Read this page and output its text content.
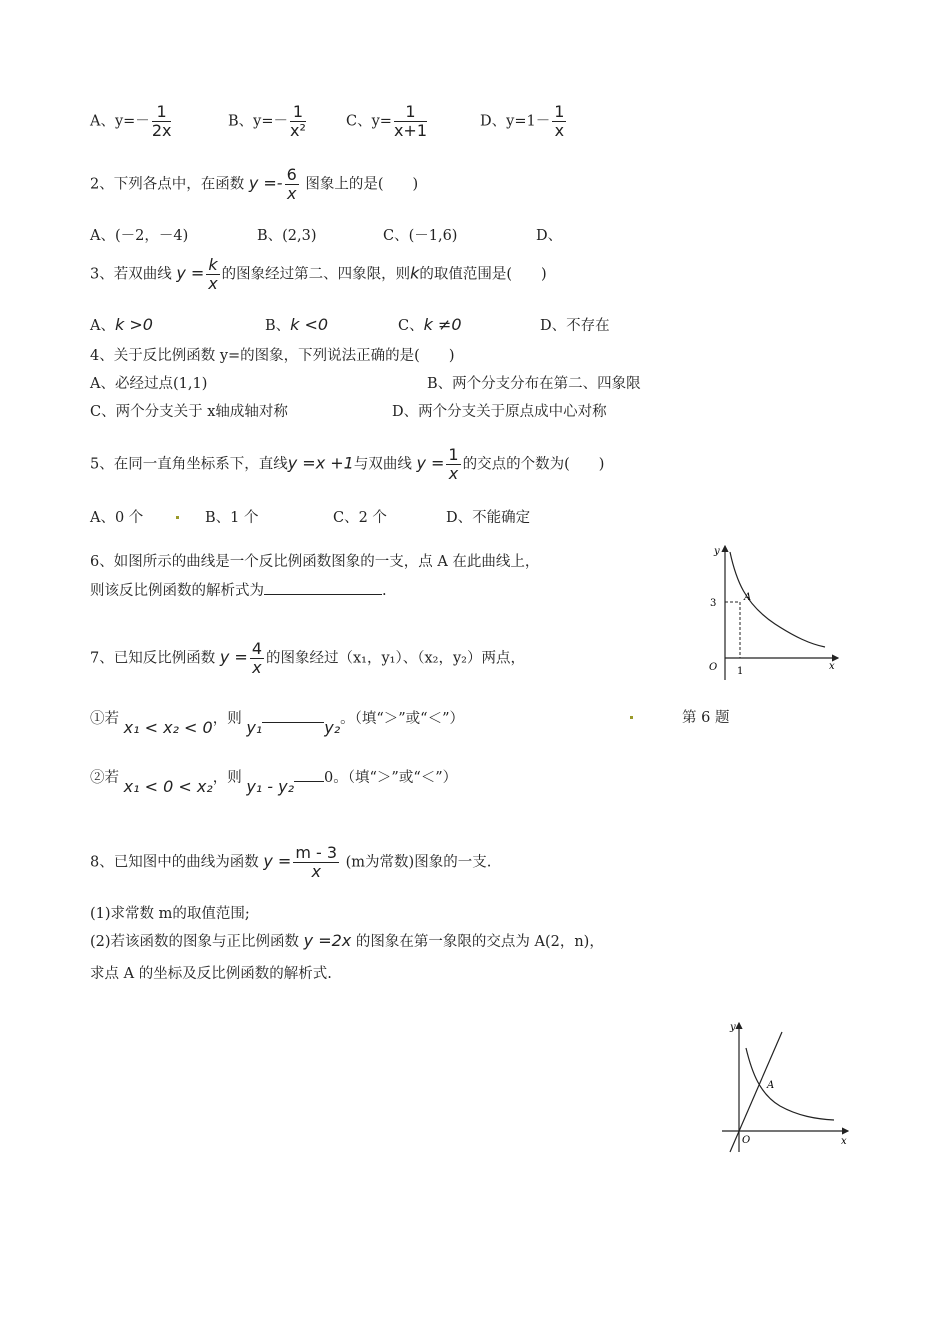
A、$y=- \frac{1}{2x}$	B、$y=- \frac{1}{\text{x²}}$	C、$y= \frac{1}{x+1}$	D、$y=1- \frac{1}{x}$
2、下列各点中，在函数 $y =- \frac{6}{x}$ 图象上的是(　　)
A、(－2，－4)	B、(2,3)	C、(－1,6)	D、
3、若双曲线 $y = \frac{k}{x}$ 的图象经过第二、四象限，则k的取值范围是(　　)
A、k >0	B、k <0	C、k ≠0	D、不存在
4、关于反比例函数 y=的图象，下列说法正确的是(　　)
A、必经过点(1,1)	B、两个分支分布在第二、四象限
C、两个分支关于 x轴成轴对称	D、两个分支关于原点成中心对称
5、在同一直角坐标系下，直线y =x +1与双曲线 $y = \frac{1}{x}$ 的交点的个数为(　　)
A、0 个	B、1 个	C、2 个	D、不能确定
6、如图所示的曲线是一个反比例函数图象的一支，点 A 在此曲线上，
则该反比例函数的解析式为	.
y
x
O
3
1
A
7、已知反比例函数 $y = \frac{4}{x}$ 的图象经过（x₁，y₁）、（x₂，y₂）两点，
①若 x₁ < x₂ < 0，则 y₁	y₂。（填“＞”或“＜”）	第 6 题
②若 x₁ < 0 < x₂，则 y₁ - y₂ 0。（填“＞”或“＜”）
8、已知图中的曲线为函数 $y = \frac{m - 3}{x} (m$为常数)图象的一支.
(1)求常数 m的取值范围;
(2)若该函数的图象与正比例函数 y =2x 的图象在第一象限的交点为 A(2，n)，
求点 A 的坐标及反比例函数的解析式.
y
x
O
A
